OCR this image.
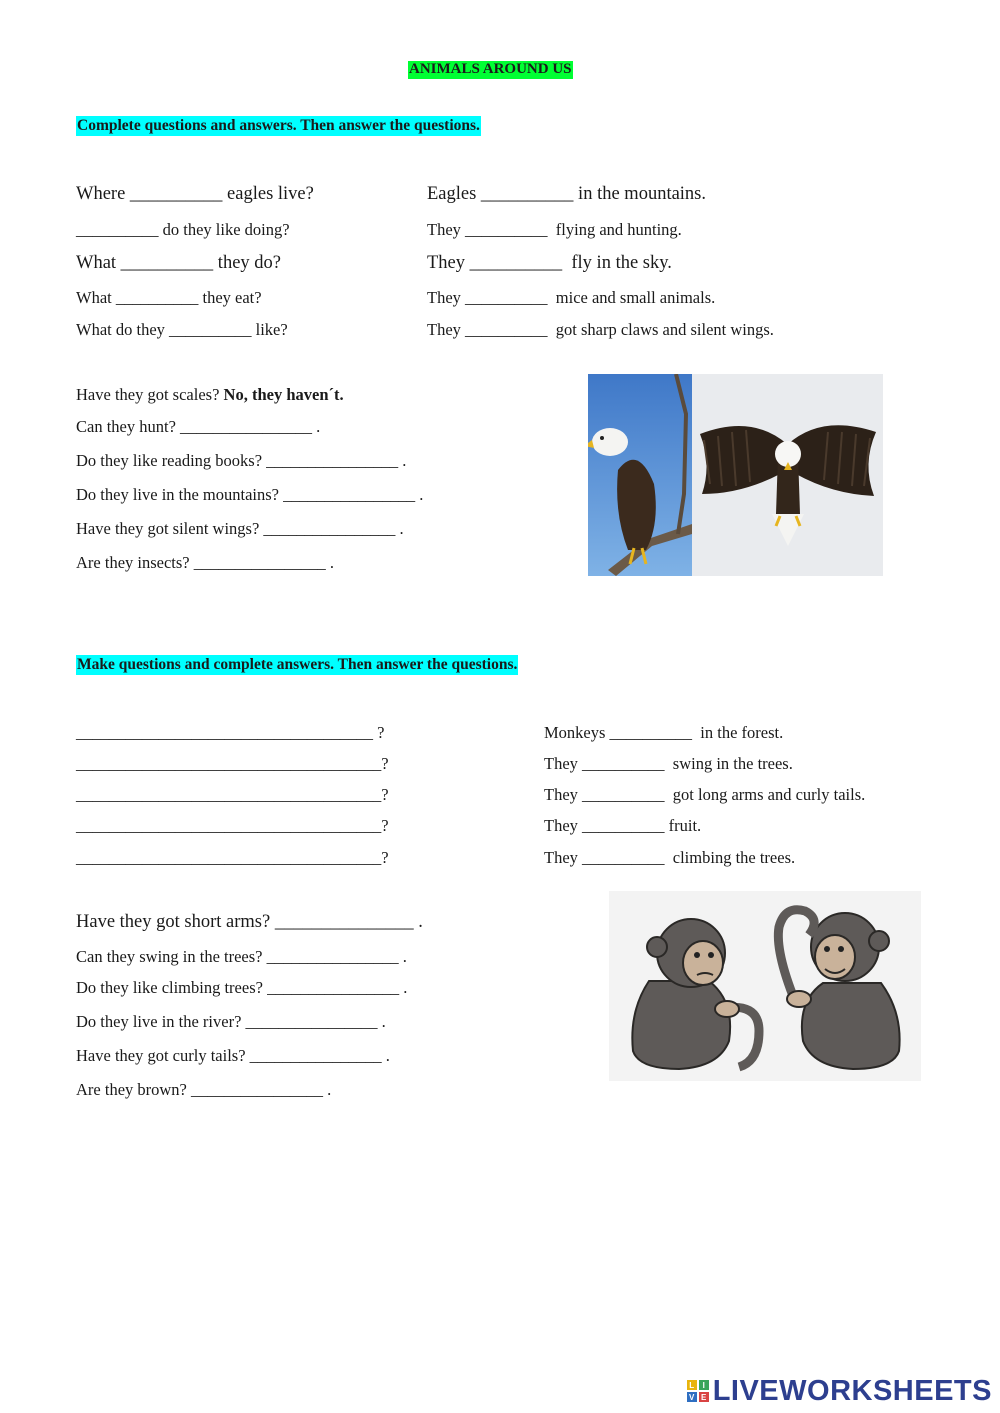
ANIMALS AROUND US
Complete questions and answers. Then answer the questions.
Where __________ eagles live?	Eagles __________ in the mountains.
__________ do they like doing?	They __________  flying and hunting.
What __________ they do?	They __________  fly in the sky.
What __________ they eat?	They __________  mice and small animals.
What do they __________ like?	They __________  got sharp claws and silent wings.
Have they got scales? No, they haven´t.
Can they hunt? ________________ .
Do they like reading books? ________________ .
Do they live in the mountains? ________________ .
Have they got silent wings? ________________ .
Are they insects? ________________ .
Make questions and complete answers. Then answer the questions.
____________________________________ ?	Monkeys __________  in the forest.
_____________________________________?	They __________  swing in the trees.
_____________________________________?	They __________  got long arms and curly tails.
_____________________________________?	They __________ fruit.
_____________________________________?	They __________  climbing the trees.
Have they got short arms? _______________ .
Can they swing in the trees? ________________ .
Do they like climbing trees? ________________ .
Do they live in the river? ________________ .
Have they got curly tails? ________________ .
Are they brown? ________________ .
L	I
V E LIVEWORKSHEETS
